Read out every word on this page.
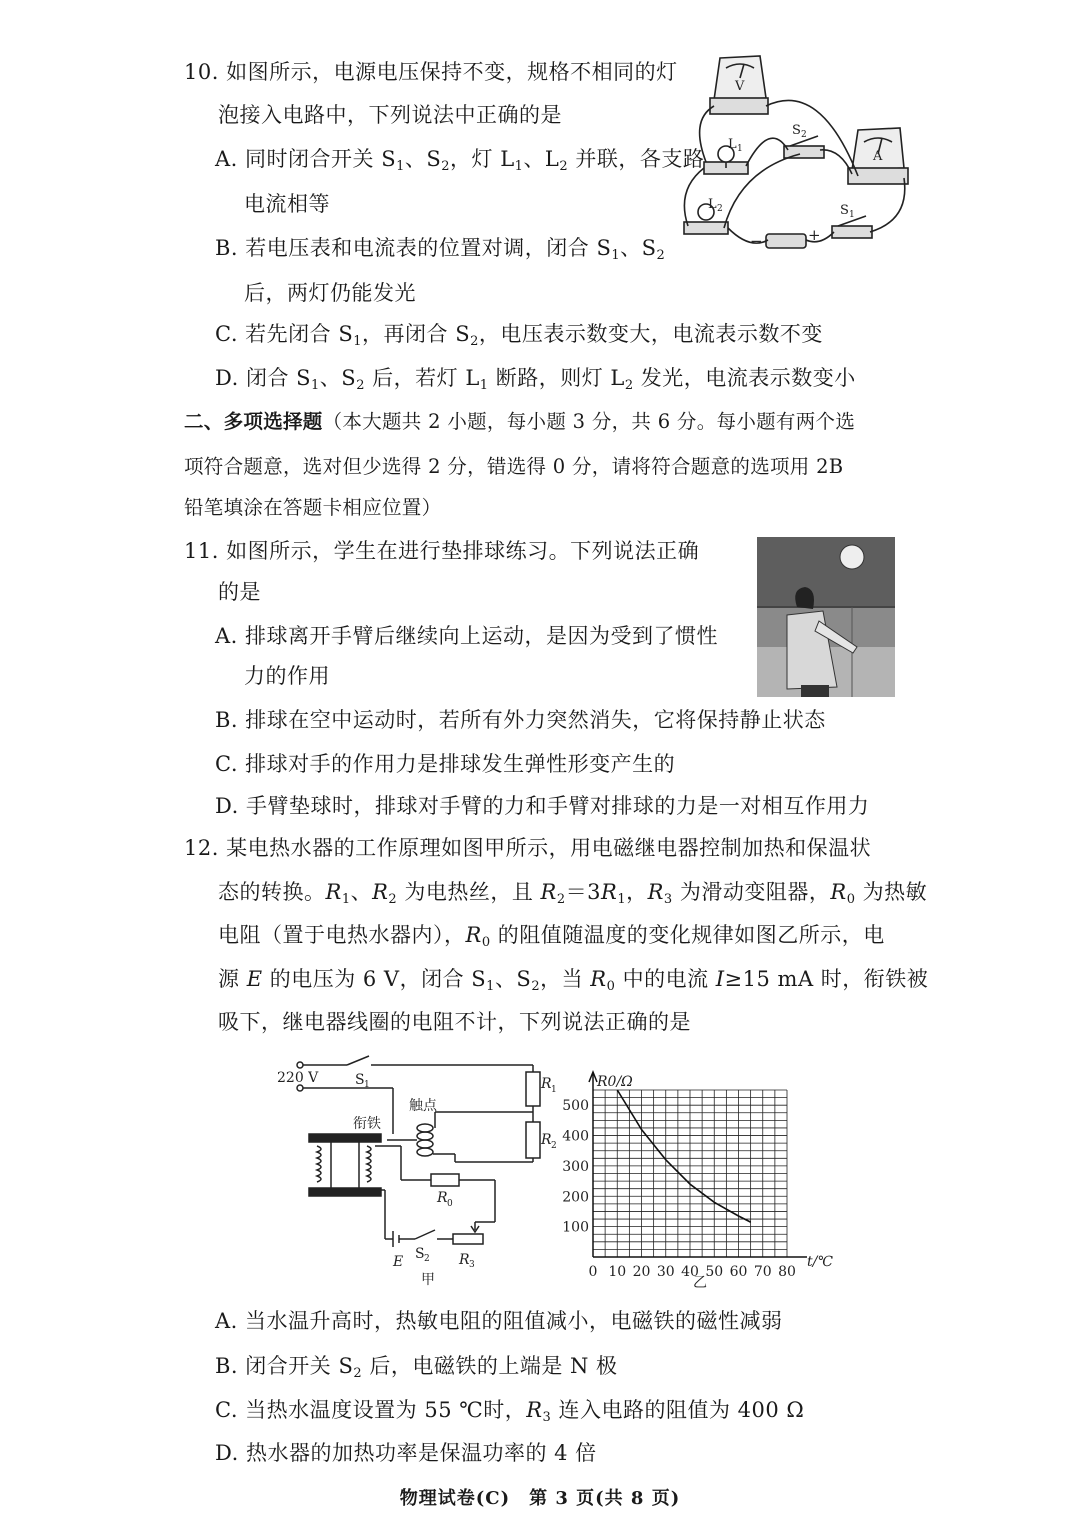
10. 如图所示，电源电压保持不变，规格不相同的灯
泡接入电路中，下列说法中正确的是
A. 同时闭合开关 $S_1$、$S_2$，灯 $L_1$、$L_2$ 并联，各支路
电流相等
B. 若电压表和电流表的位置对调，闭合 $S_1$、$S_2$
后，两灯仍能发光
C. 若先闭合 $S_1$，再闭合 $S_2$，电压表示数变大，电流表示数不变
D. 闭合 $S_1$、$S_2$ 后，若灯 $L_1$ 断路，则灯 $L_2$ 发光，电流表示数变小
V
A
L 1
L 2
S 2
S 1
−	+
二、多项选择题（本大题共 2 小题，每小题 3 分，共 6 分。每小题有两个选
项符合题意，选对但少选得 2 分，错选得 0 分，请将符合题意的选项用 2B
铅笔填涂在答题卡相应位置）
11. 如图所示，学生在进行垫排球练习。下列说法正确
的是
A. 排球离开手臂后继续向上运动，是因为受到了惯性
力的作用
B. 排球在空中运动时，若所有外力突然消失，它将保持静止状态
C. 排球对手的作用力是排球发生弹性形变产生的
D. 手臂垫球时，排球对手臂的力和手臂对排球的力是一对相互作用力
12. 某电热水器的工作原理如图甲所示，用电磁继电器控制加热和保温状
态的转换。$R_1$、$R_2$ 为电热丝，且 $R_2=3R_1$，$R_3$ 为滑动变阻器，$R_0$ 为热敏
电阻（置于电热水器内），$R_0$ 的阻值随温度的变化规律如图乙所示，电
源 E 的电压为 6 V，闭合 $S_1$、$S_2$，当 $R_0$ 中的电流 I≥15 mA 时，衔铁被
吸下，继电器线圈的电阻不计，下列说法正确的是
220 V	S 1	R 1
R 2
触点
衔铁
R 0
S 2 R 3
E
甲	0 10 20 30 40 50 60 70 80
100
200
300
400
500
R0/Ω
t/℃
乙
A. 当水温升高时，热敏电阻的阻值减小，电磁铁的磁性减弱
B. 闭合开关 $S_2$ 后，电磁铁的上端是 N 极
C. 当热水温度设置为 55 ℃时，$R_3$ 连入电路的阻值为 400 Ω
D. 热水器的加热功率是保温功率的 4 倍
物理试卷(C)　第 3 页(共 8 页)
